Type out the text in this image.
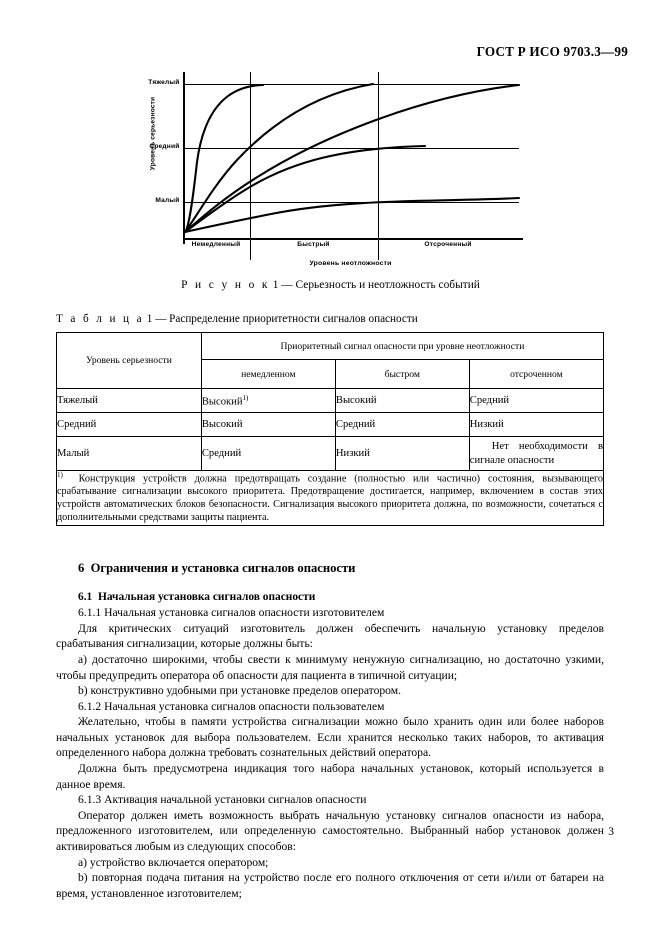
ГОСТ Р ИСО 9703.3—99
Уровень серьезности
Тяжелый
Средний
Малый
Немедленный	Быстрый	Отсроченный
Уровень неотложности
Р и с у н о к 1 — Серьезность и неотложность событий
Т а б л и ц а 1 — Распределение приоритетности сигналов опасности
Уровень серьезности	Приоритетный сигнал опасности при уровне неотложности		
	немедленном	быстром	отсроченном
Тяжелый	Высокий$^{1)}$	Высокий	Средний
Средний	Высокий	Средний	Низкий
Малый	Средний	Низкий	Нет необходимости в сигнале опасности
$^{1)}$ Конструкция устройств должна предотвращать создание (полностью или частично) состояния, вызывающего срабатывание сигнализации высокого приоритета. Предотвращение достигается, например, включением в состав этих устройств автоматических блоков безопасности. Сигнализация высокого приоритета должна, по возможности, сочетаться с дополнительными средствами защиты пациента.			
6 Ограничения и установка сигналов опасности
6.1 Начальная установка сигналов опасности

6.1.1 Начальная установка сигналов опасности изготовителем

Для критических ситуаций изготовитель должен обеспечить начальную установку пределов срабатывания сигнализации, которые должны быть:

a) достаточно широкими, чтобы свести к минимуму ненужную сигнализацию, но достаточно узкими, чтобы предупредить оператора об опасности для пациента в типичной ситуации;

b) конструктивно удобными при установке пределов оператором.

6.1.2 Начальная установка сигналов опасности пользователем

Желательно, чтобы в памяти устройства сигнализации можно было хранить один или более наборов начальных установок для выбора пользователем. Если хранится несколько таких наборов, то активация определенного набора должна требовать сознательных действий оператора.

Должна быть предусмотрена индикация того набора начальных установок, который используется в данное время.

6.1.3 Активация начальной установки сигналов опасности

Оператор должен иметь возможность выбрать начальную установку сигналов опасности из набора, предложенного изготовителем, или определенную самостоятельно. Выбранный набор установок должен активироваться любым из следующих способов:

a) устройство включается оператором;

b) повторная подача питания на устройство после его полного отключения от сети и/или от батареи на время, установленное изготовителем;

3
